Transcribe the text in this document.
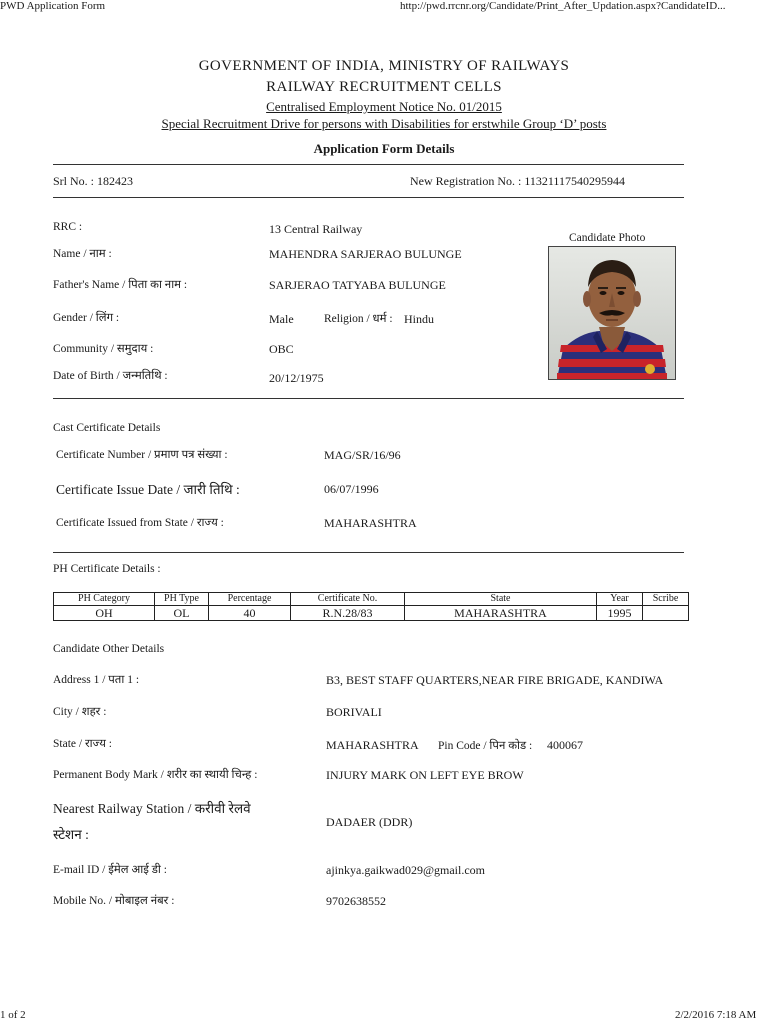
PWD Application Form	http://pwd.rrcnr.org/Candidate/Print_After_Updation.aspx?CandidateID...
1 of 2	2/2/2016 7:18 AM
GOVERNMENT OF INDIA, MINISTRY OF RAILWAYS
RAILWAY RECRUITMENT CELLS
Centralised Employment Notice No. 01/2015
Special Recruitment Drive for persons with Disabilities for erstwhile Group ‘D’ posts
Application Form Details
Srl No. : 182423	New Registration No. : 11321117540295944
RRC :	13 Central Railway
Name / नाम :	MAHENDRA SARJERAO BULUNGE
Father's Name / पिता का नाम :	SARJERAO TATYABA BULUNGE
Gender / लिंग :	Male	Religion / धर्म : Hindu
Community / समुदाय :	OBC
Date of Birth / जन्मतिथि :	20/12/1975
Candidate Photo
Cast Certificate Details
Certificate Number / प्रमाण पत्र संख्या :	MAG/SR/16/96
Certificate Issue Date / जारी तिथि :	06/07/1996
Certificate Issued from State / राज्य :	MAHARASHTRA
PH Certificate Details :
PH Category	PH Type	Percentage	Certificate No.	State	Year	Scribe
OH	OL	40	R.N.28/83	MAHARASHTRA	1995	
Candidate Other Details
Address 1 / पता 1 :	B3, BEST STAFF QUARTERS,NEAR FIRE BRIGADE, KANDIWA
City / शहर :	BORIVALI
State / राज्य :	MAHARASHTRA Pin Code / पिन कोड : 400067
Permanent Body Mark / शरीर का स्थायी चिन्ह :	INJURY MARK ON LEFT EYE BROW
Nearest Railway Station / करीवी रेलवे
स्टेशन :
DADAER (DDR)
E-mail ID / ईमेल आई डी :	ajinkya.gaikwad029@gmail.com
Mobile No. / मोबाइल नंबर :	9702638552
